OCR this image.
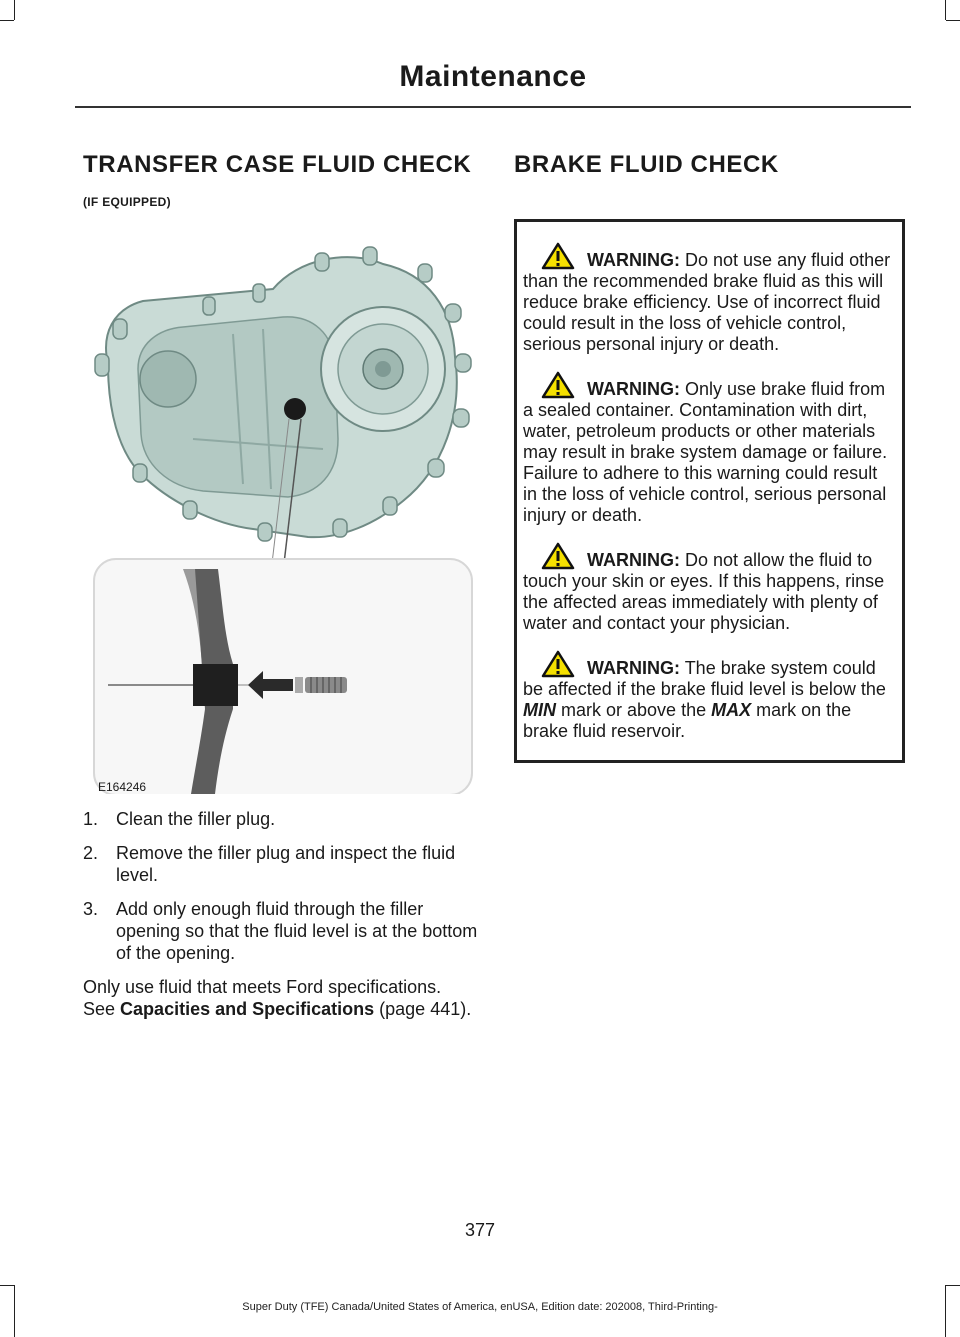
Maintenance
TRANSFER CASE FLUID CHECK (IF EQUIPPED)
E164246
1. Clean the filler plug.
2. Remove the filler plug and inspect the fluid level.
3. Add only enough fluid through the filler opening so that the fluid level is at the bottom of the opening.

Only use fluid that meets Ford specifications. See Capacities and Specifications (page 441).

BRAKE FLUID CHECK

WARNING: Do not use any fluid other than the recommended brake fluid as this will reduce brake efficiency. Use of incorrect fluid could result in the loss of vehicle control, serious personal injury or death.

WARNING: Only use brake fluid from a sealed container. Contamination with dirt, water, petroleum products or other materials may result in brake system damage or failure. Failure to adhere to this warning could result in the loss of vehicle control, serious personal injury or death.

WARNING: Do not allow the fluid to touch your skin or eyes. If this happens, rinse the affected areas immediately with plenty of water and contact your physician.

WARNING: The brake system could be affected if the brake fluid level is below the MIN mark or above the MAX mark on the brake fluid reservoir.

377
Super Duty (TFE) Canada/United States of America, enUSA, Edition date: 202008, Third-Printing-
